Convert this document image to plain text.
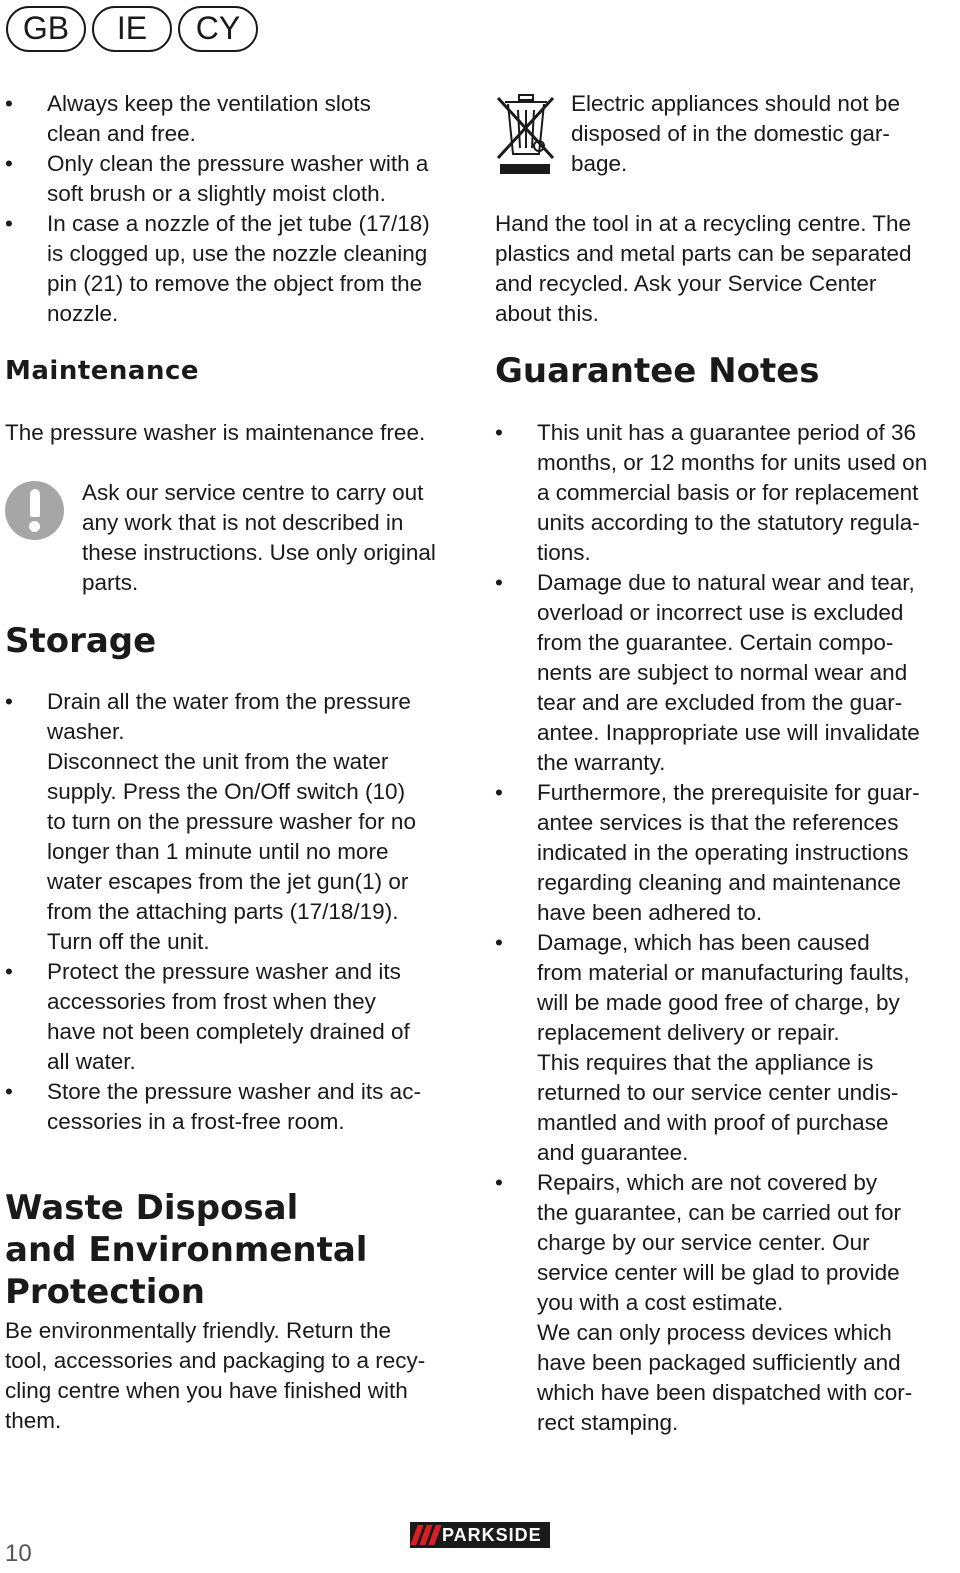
GB	IE	CY
• Always keep the ventilation slots
clean and free.
• Only clean the pressure washer with a
soft brush or a slightly moist cloth.
• In case a nozzle of the jet tube (17/18)
is clogged up, use the nozzle cleaning
pin (21) to remove the object from the
nozzle.
Maintenance
The pressure washer is maintenance free.
Ask our service centre to carry out
any work that is not described in
these instructions. Use only original
parts.
Storage
• Drain all the water from the pressure
washer.
Disconnect the unit from the water
supply. Press the On/Off switch (10)
to turn on the pressure washer for no
longer than 1 minute until no more
water escapes from the jet gun(1) or
from the attaching parts (17/18/19).
Turn off the unit.
• Protect the pressure washer and its
accessories from frost when they
have not been completely drained of
all water.
• Store the pressure washer and its ac-
cessories in a frost-free room.
Waste Disposal
and Environmental
Protection
Be environmentally friendly. Return the
tool, accessories and packaging to a recy-
cling centre when you have finished with
them.
Electric appliances should not be
disposed of in the domestic gar-
bage.
Hand the tool in at a recycling centre. The
plastics and metal parts can be separated
and recycled. Ask your Service Center
about this.
Guarantee Notes
• This unit has a guarantee period of 36
months, or 12 months for units used on
a commercial basis or for replacement
units according to the statutory regula-
tions.
• Damage due to natural wear and tear,
overload or incorrect use is excluded
from the guarantee. Certain compo-
nents are subject to normal wear and
tear and are excluded from the guar-
antee. Inappropriate use will invalidate
the warranty.
• Furthermore, the prerequisite for guar-
antee services is that the references
indicated in the operating instructions
regarding cleaning and maintenance
have been adhered to.
• Damage, which has been caused
from material or manufacturing faults,
will be made good free of charge, by
replacement delivery or repair.
This requires that the appliance is
returned to our service center undis-
mantled and with proof of purchase
and guarantee.
• Repairs, which are not covered by
the guarantee, can be carried out for
charge by our service center. Our
service center will be glad to provide
you with a cost estimate.
We can only process devices which
have been packaged sufficiently and
which have been dispatched with cor-
rect stamping.
10
PARKSIDE
